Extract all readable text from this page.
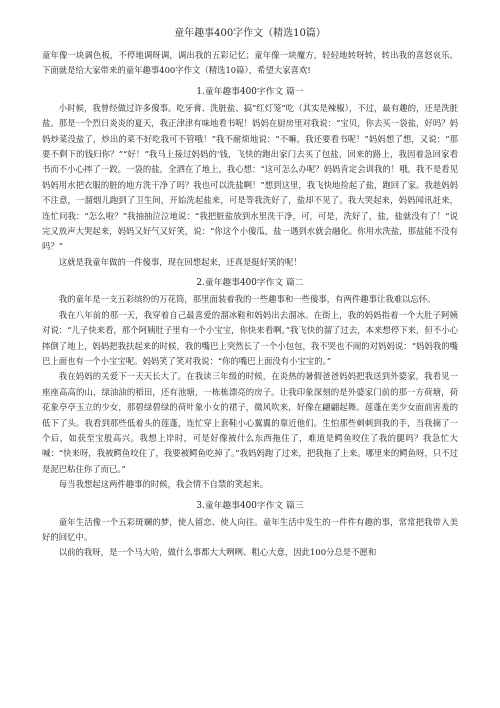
童年趣事400字作文（精选10篇）

童年像一块调色板，不停地调呀调，调出我的五彩记忆；童年像一块魔方，轻轻地转呀转，转出我的喜怒哀乐。下面就是给大家带来的童年趣事400字作文（精选10篇），希望大家喜欢!

1.童年趣事400字作文 篇一

小时候，我曾经做过许多傻事。吃牙膏、洗脏盐、搞“红灯笼”吃（其实是辣椒），不过，最有趣的，还是洗脏盐。那是一个烈日炎炎的夏天，我正津津有味地看书呢！妈妈在厨房里对我说：“宝贝，你去买一袋盐，好吗？妈妈炒菜没盐了，炒出的菜不好吃我可不管哦！”我不耐烦地说：“不嘛，我还要看书呢！”妈妈想了想，又说：“那要不剩下的钱归你？”“好！”我马上接过妈妈的'钱，飞快的跑出家门去买了包盐，回来的路上，我因着急回家看书而不小心摔了一跤。一袋的盐，全洒在了地上，我心想：“这可怎么办呢？妈妈肯定会训我的！哦，我不是看见妈妈用水把衣服的脏的地方洗干净了吗？我也可以洗盐啊！”想到这里，我飞快地捡起了盐，跑回了家。我趁妈妈不注意，一溜烟儿跑到了卫生间，开始洗起盐来，可是等我洗好了，盐却不见了。我大哭起来，妈妈闻讯赶来，连忙问我：“怎么啦？”我抽抽泣泣地说：“我把脏盐放到水里洗干净，可，可是，洗好了，盐，盐就没有了！”说完又放声大哭起来，妈妈又好气又好笑，说：“你这个小傻瓜，盐一遇到水就会融化。你用水洗盐，那盐能不没有吗？”

这就是我童年做的一件傻事，现在回想起来，还真是挺好笑的呢！

2.童年趣事400字作文 篇二

我的童年是一支五彩缤纷的万花筒，那里面装着我的一些趣事和一些傻事，有两件趣事让我难以忘怀。

我在八年前的那一天，我穿着自己最喜爱的溜冰鞋和妈妈出去溜冰。在街上，我的妈妈指着一个大肚子阿姨对说：“儿子快来看，那个阿姨肚子里有一个小宝宝，你快来看啊。”我飞快的溜了过去，本来想停下来，但不小心摔倒了地上，妈妈把我扶起来的时候，我的嘴巴上突然长了一个小包包，我不哭也不闹的对妈妈说：“妈妈我的嘴巴上面也有一个小宝宝呢。妈妈笑了笑对我说：“你的嘴巴上面没有小宝宝的。”

我在妈妈的关爱下一天天长大了。在我读三年级的时候，在炎热的暑假爸爸妈妈把我送到外婆家，我看见一座座高高的山，绿油油的稻田，还有池塘，一栋栋漂亮的房子。让我印象深刻的是外婆家门前的那一方荷塘，荷花象亭亭玉立的少女，那碧绿碧绿的荷叶象小女的裙子，微风吹来，好像在翩翩起舞。莲蓬在美少女面前害羞的低下了头。我看到那些低着头的莲蓬，连忙穿上套鞋小心翼翼的靠近他们。生怕那些刺刺到我的手，当我摘了一个后，如获至宝般高兴。我想上岸时，可是好像被什么东西拖住了，难道是鳄鱼咬住了我的腿吗？我急忙大喊：“快来呀，我被鳄鱼咬住了，我要被鳄鱼吃掉了。”我妈妈跑了过来，把我拖了上来。哪里来的鳄鱼呀，只不过是泥巴粘住你了而已。”

每当我想起这两件趣事的时候，我会情不自禁的笑起来。

3.童年趣事400字作文 篇三

童年生活像一个五彩斑斓的梦，使人留恋、使人向往。童年生活中发生的一件件有趣的事，常常把我带入美好的回忆中。

以前的我呀，是一个马大哈，做什么事都大大咧咧、粗心大意，因此100分总是不愿和
